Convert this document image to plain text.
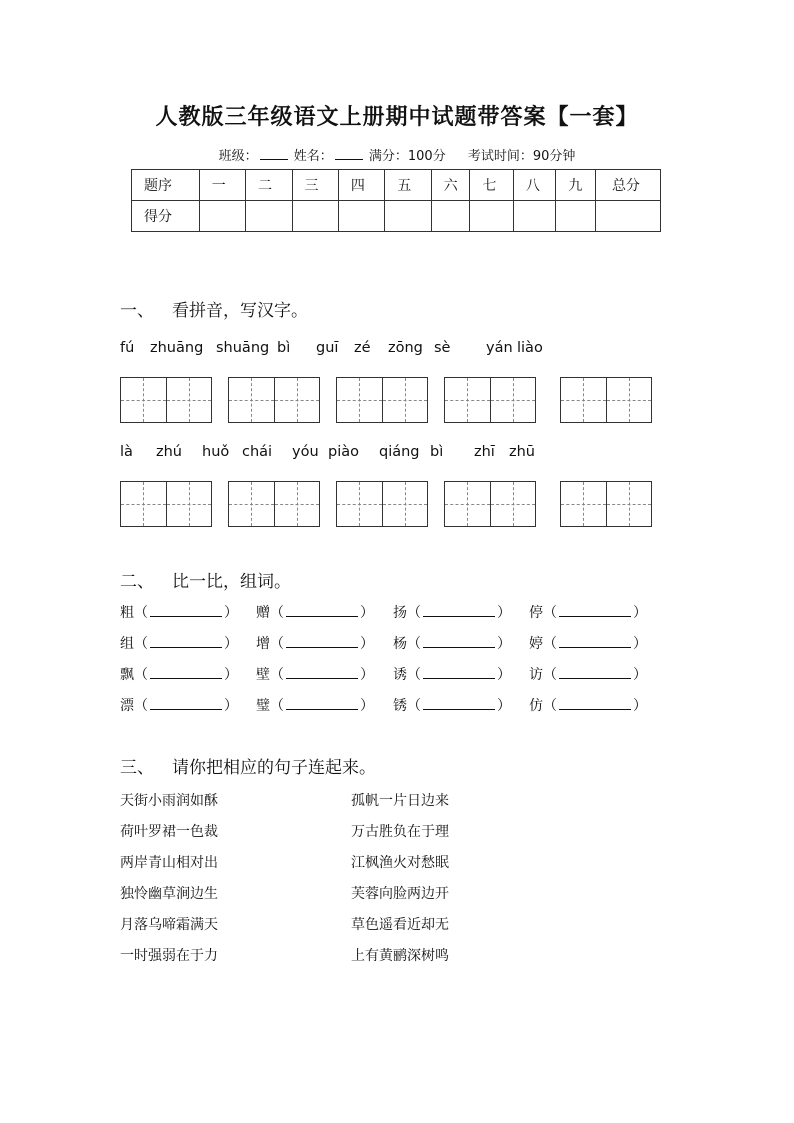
人教版三年级语文上册期中试题带答案【一套】
班级：	姓名：	满分：100分 考试时间：90分钟
题序	一	二	三	四	五	六	七	八	九	总分
得分										
一、 看拼音，写汉字。
fú zhuāng shuāng bì guī zé zōng sè yán liào
là zhú huǒ chái yóu piào qiáng bì zhī zhū
二、 比一比，组词。
粗（	） 赠（	） 扬（	） 停（	）
组（	） 增（	） 杨（	） 婷（	）
飘（	） 壁（	） 诱（	） 访（	）
漂（	） 璧（	） 锈（	） 仿（	）
三、 请你把相应的句子连起来。
天街小雨润如酥	孤帆一片日边来
荷叶罗裙一色裁	万古胜负在于理
两岸青山相对出	江枫渔火对愁眠
独怜幽草涧边生	芙蓉向脸两边开
月落乌啼霜满天	草色遥看近却无
一时强弱在于力	上有黄鹂深树鸣
